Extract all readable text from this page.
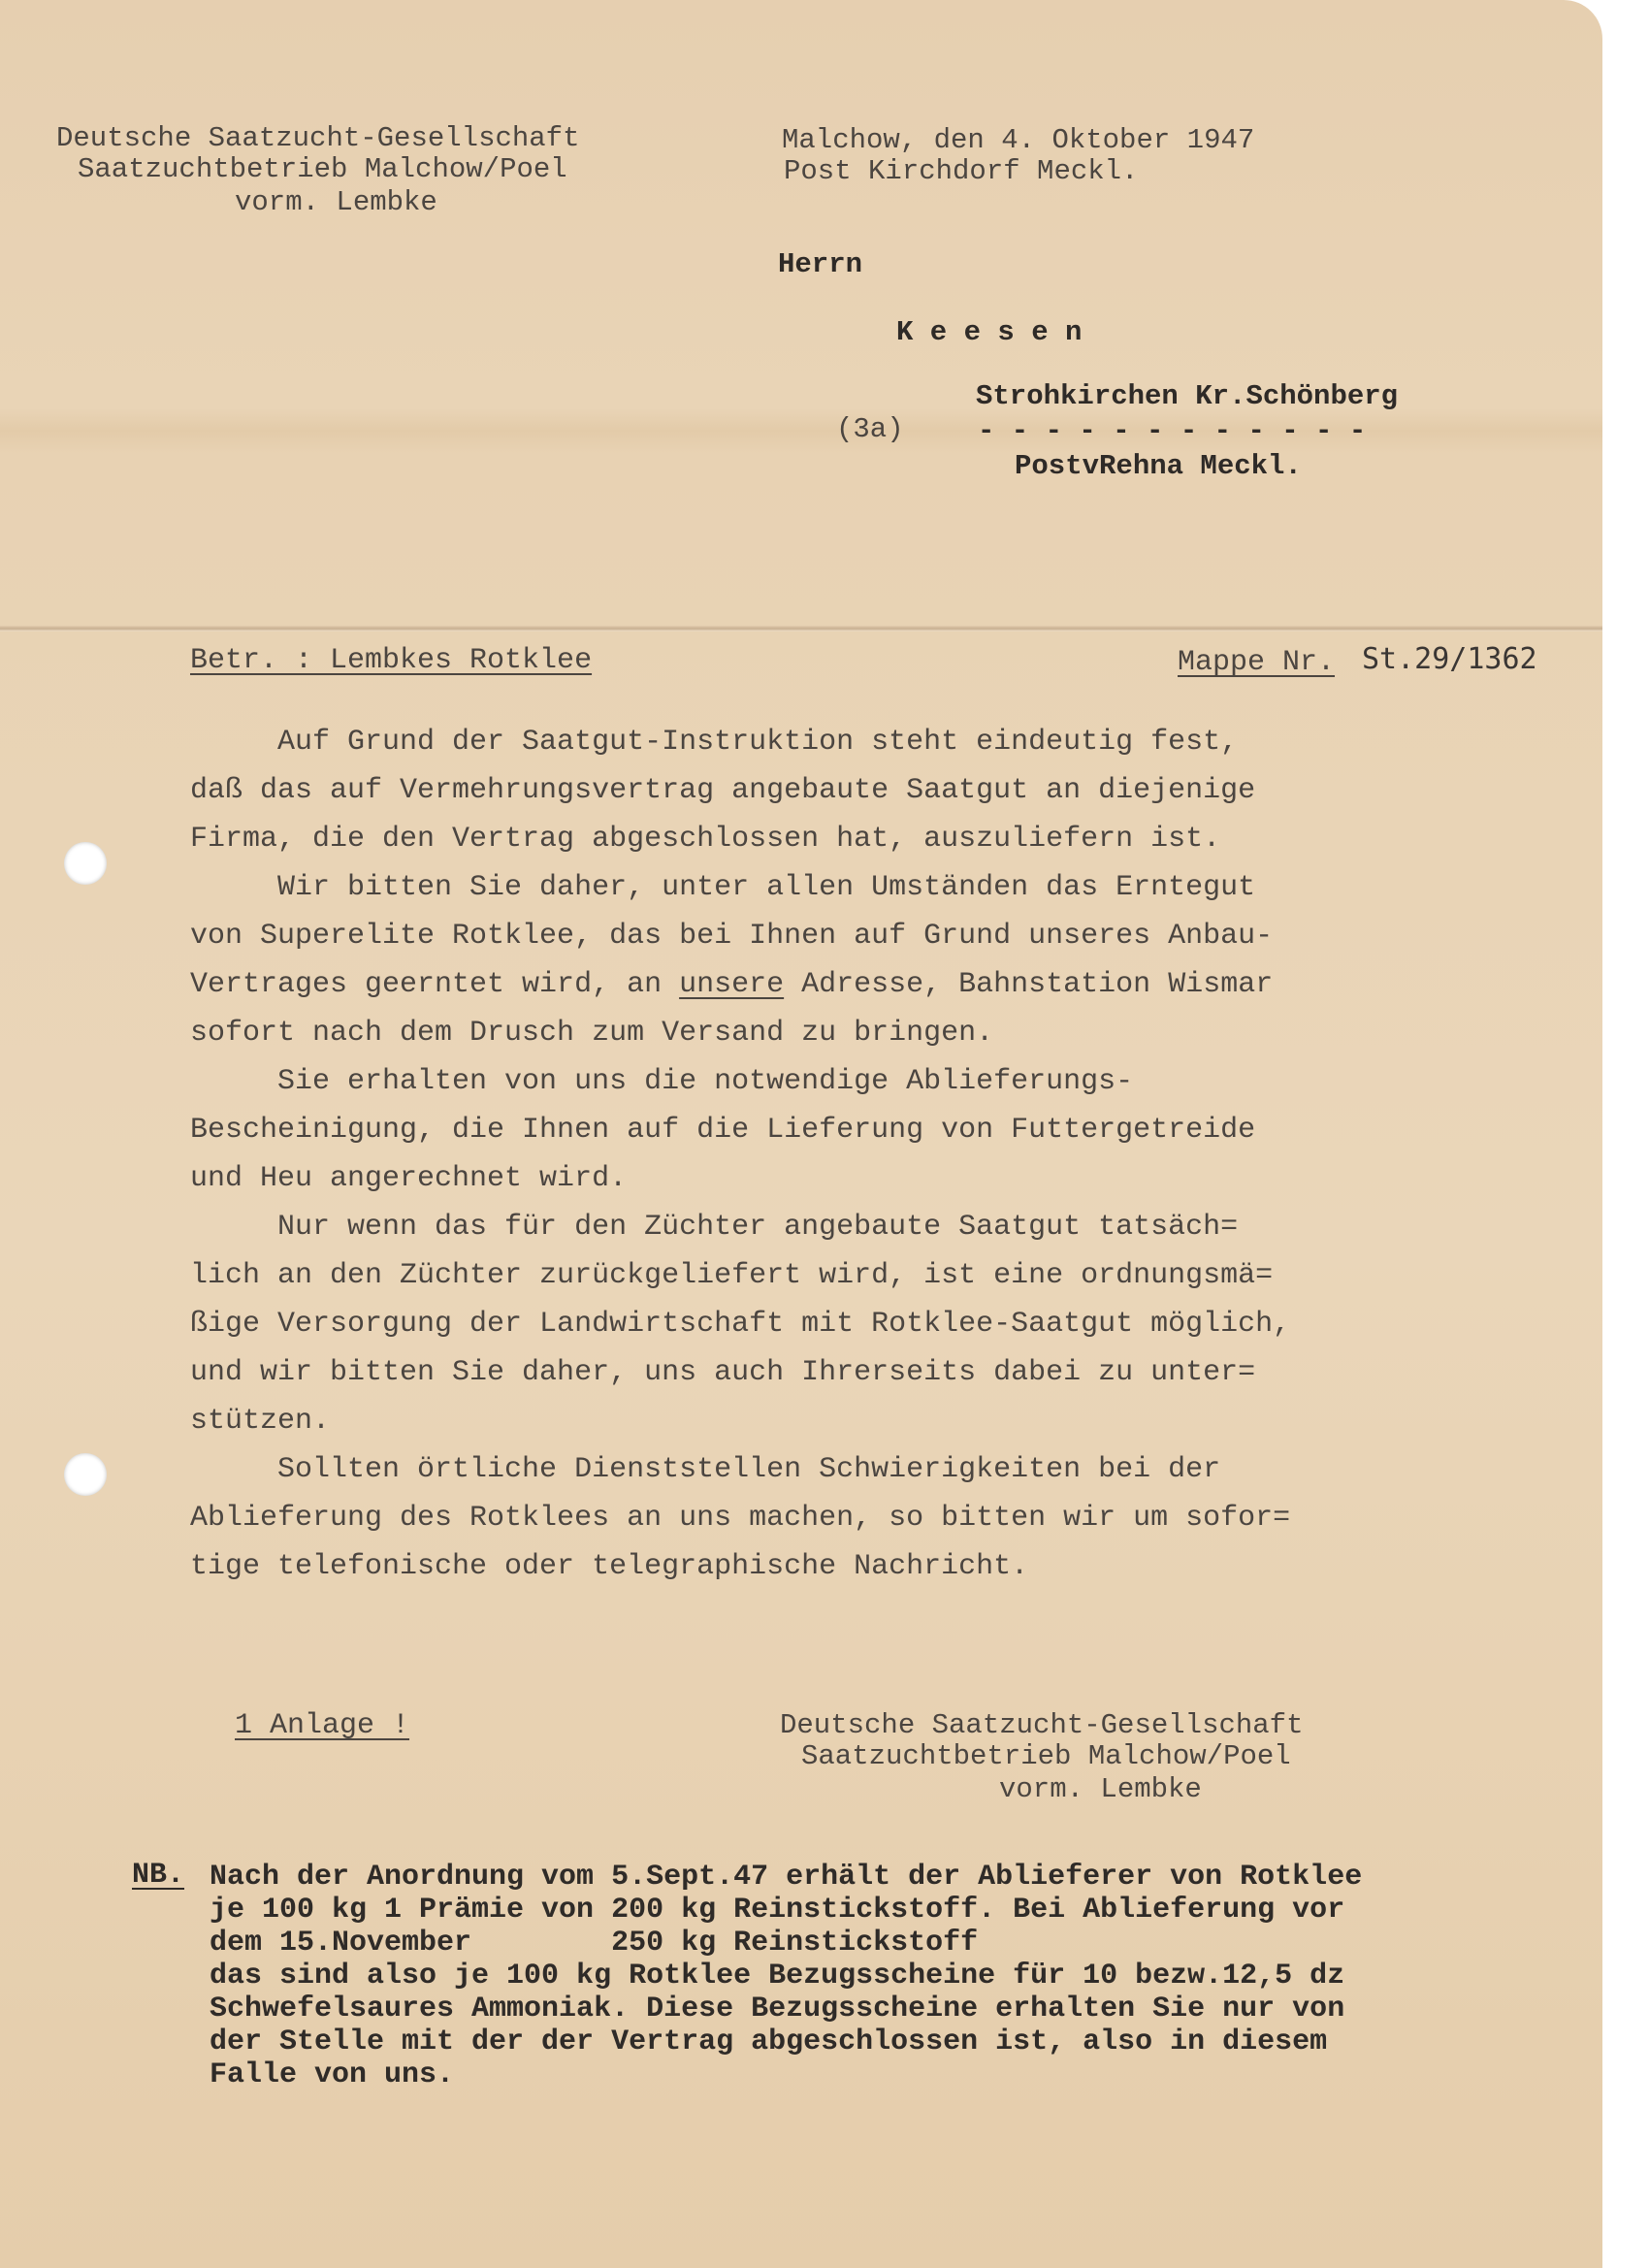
Deutsche Saatzucht-Gesellschaft
Saatzuchtbetrieb Malchow/Poel
vorm. Lembke
Malchow, den 4. Oktober 1947
Post Kirchdorf Meckl.
Herrn
K e e s e n
(3a)
Strohkirchen Kr.Schönberg
- - - - - - - - - - - -
PostvRehna Meckl.
Betr. : Lembkes Rotklee	Mappe Nr. St.29/1362

Auf Grund der Saatgut-Instruktion steht eindeutig fest,

daß das auf Vermehrungsvertrag angebaute Saatgut an diejenige

Firma, die den Vertrag abgeschlossen hat, auszuliefern ist.

Wir bitten Sie daher, unter allen Umständen das Erntegut

von Superelite Rotklee, das bei Ihnen auf Grund unseres Anbau-

Vertrages geerntet wird, an unsere Adresse, Bahnstation Wismar

sofort nach dem Drusch zum Versand zu bringen.

Sie erhalten von uns die notwendige Ablieferungs-

Bescheinigung, die Ihnen auf die Lieferung von Futtergetreide

und Heu angerechnet wird.

Nur wenn das für den Züchter angebaute Saatgut tatsäch=

lich an den Züchter zurückgeliefert wird, ist eine ordnungsmä=

ßige Versorgung der Landwirtschaft mit Rotklee-Saatgut möglich,

und wir bitten Sie daher, uns auch Ihrerseits dabei zu unter=

stützen.

Sollten örtliche Dienststellen Schwierigkeiten bei der

Ablieferung des Rotklees an uns machen, so bitten wir um sofor=

tige telefonische oder telegraphische Nachricht.

1 Anlage !	Deutsche Saatzucht-Gesellschaft
Saatzuchtbetrieb Malchow/Poel
vorm. Lembke
NB. Nach der Anordnung vom 5.Sept.47 erhält der Ablieferer von Rotklee

je 100 kg 1 Prämie von 200 kg Reinstickstoff. Bei Ablieferung vor

dem 15.November        250 kg Reinstickstoff

das sind also je 100 kg Rotklee Bezugsscheine für 10 bezw.12,5 dz

Schwefelsaures Ammoniak. Diese Bezugsscheine erhalten Sie nur von

der Stelle mit der der Vertrag abgeschlossen ist, also in diesem

Falle von uns.
